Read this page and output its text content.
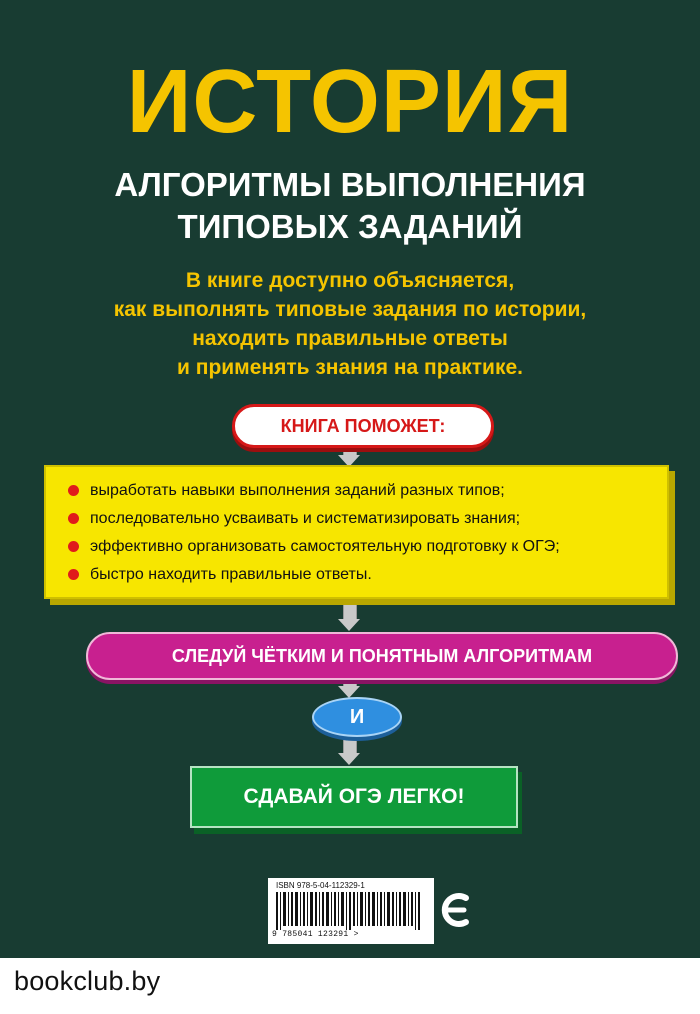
ИСТОРИЯ
АЛГОРИТМЫ ВЫПОЛНЕНИЯ
ТИПОВЫХ ЗАДАНИЙ
В книге доступно объясняется,
как выполнять типовые задания по истории,
находить правильные ответы
и применять знания на практике.
КНИГА ПОМОЖЕТ:
выработать навыки выполнения заданий разных типов;
последовательно усваивать и систематизировать знания;
эффективно организовать самостоятельную подготовку к ОГЭ;
быстро находить правильные ответы.
СЛЕДУЙ ЧЁТКИМ И ПОНЯТНЫМ АЛГОРИТМАМ
И
СДАВАЙ ОГЭ ЛЕГКО!
ISBN 978-5-04-112329-1
9 785041 123291 >
bookclub.by
